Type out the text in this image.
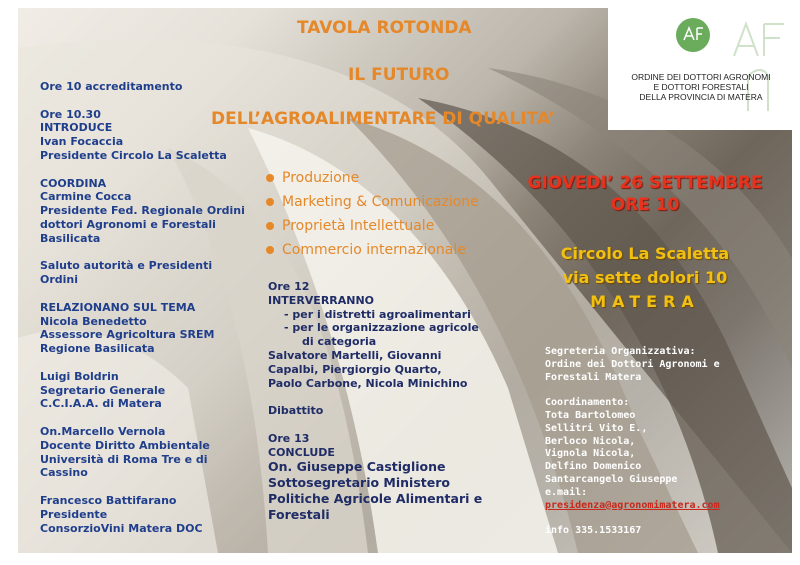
TAVOLA ROTONDA

IL FUTURO

DELL’AGROALIMENTARE DI QUALITA’

ORDINE DEI DOTTORI AGRONOMI
E DOTTORI FORESTALI
DELLA PROVINCIA DI MATERA
Ore 10 accreditamento
Ore 10.30
INTRODUCE
Ivan Focaccia
Presidente Circolo La Scaletta
COORDINA
Carmine Cocca
Presidente Fed. Regionale Ordini
dottori Agronomi e Forestali
Basilicata
Saluto autorità e Presidenti
Ordini
RELAZIONANO SUL TEMA
Nicola Benedetto
Assessore Agricoltura SREM
Regione Basilicata
Luigi Boldrin
Segretario Generale
C.C.I.A.A. di Matera
On.Marcello Vernola
Docente Diritto Ambientale
Università di Roma Tre e di
Cassino
Francesco Battifarano
Presidente
ConsorzioVini Matera DOC
Produzione
Marketing & Comunicazione
Proprietà Intellettuale
Commercio internazionale
Ore 12
INTERVERRANNO
- per i distretti agroalimentari
- per le organizzazione agricole
di categoria
Salvatore Martelli, Giovanni
Capalbi, Piergiorgio Quarto,
Paolo Carbone, Nicola Minichino
Dibattito
Ore 13
CONCLUDE
On. Giuseppe Castiglione
Sottosegretario Ministero
Politiche Agricole Alimentari e
Forestali
GIOVEDI’ 26 SETTEMBRE
ORE 10
Circolo La Scaletta
via sette dolori 10
MATERA
Segreteria Organizzativa:
Ordine dei Dottori Agronomi e
Forestali Matera
Coordinamento:
Tota Bartolomeo
Sellitri Vito E.,
Berloco Nicola,
Vignola Nicola,
Delfino Domenico
Santarcangelo Giuseppe
e.mail:
presidenza@agronomimatera.com
info 335.1533167
